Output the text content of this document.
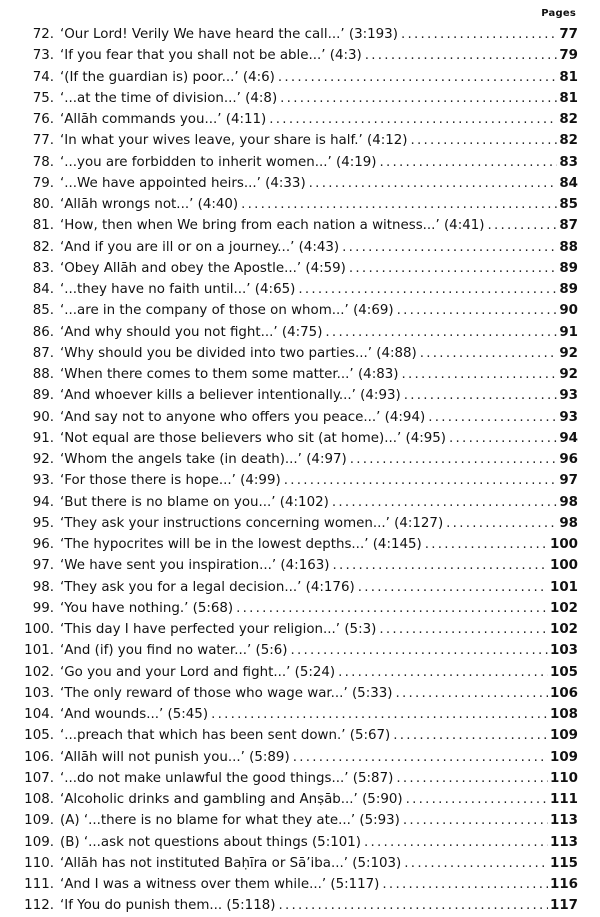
Pages
72. ‘Our Lord! Verily We have heard the call...’ (3:193) . . .	77
73. ‘If you fear that you shall not be able...’ (4:3) . . .	79
74. ‘(If the guardian is) poor...’ (4:6) . . .	81
75. ‘...at the time of division...’ (4:8) . . .	81
76. ‘Allāh commands you...’ (4:11) . . .	82
77. ‘In what your wives leave, your share is half.’ (4:12) . . .	82
78. ‘...you are forbidden to inherit women...’ (4:19) . . .	83
79. ‘...We have appointed heirs...’ (4:33) . . .	84
80. ‘Allāh wrongs not...’ (4:40) . . .	85
81. ‘How, then when We bring from each nation a witness...’ (4:41) . . .	87
82. ‘And if you are ill or on a journey...’ (4:43) . . .	88
83. ‘Obey Allāh and obey the Apostle...’ (4:59) . . .	89
84. ‘...they have no faith until...’ (4:65) . . .	89
85. ‘...are in the company of those on whom...’ (4:69) . . .	90
86. ‘And why should you not fight...’ (4:75) . . .	91
87. ‘Why should you be divided into two parties...’ (4:88) . . .	92
88. ‘When there comes to them some matter...’ (4:83) . . .	92
89. ‘And whoever kills a believer intentionally...’ (4:93) . . .	93
90. ‘And say not to anyone who offers you peace...’ (4:94) . . .	93
91. ‘Not equal are those believers who sit (at home)...’ (4:95) . . .	94
92. ‘Whom the angels take (in death)...’ (4:97) . . .	96
93. ‘For those there is hope...’ (4:99) . . .	97
94. ‘But there is no blame on you...’ (4:102) . . .	98
95. ‘They ask your instructions concerning women...’ (4:127) . . .	98
96. ‘The hypocrites will be in the lowest depths...’ (4:145) . . .	100
97. ‘We have sent you inspiration...’ (4:163) . . .	100
98. ‘They ask you for a legal decision...’ (4:176) . . .	101
99. ‘You have nothing.’ (5:68) . . .	102
100. ‘This day I have perfected your religion...’ (5:3) . . .	102
101. ‘And (if) you find no water...’ (5:6) . . .	103
102. ‘Go you and your Lord and fight...’ (5:24) . . .	105
103. ‘The only reward of those who wage war...’ (5:33) . . .	106
104. ‘And wounds...’ (5:45) . . .	108
105. ‘...preach that which has been sent down.’ (5:67) . . .	109
106. ‘Allāh will not punish you...’ (5:89) . . .	109
107. ‘...do not make unlawful the good things...’ (5:87) . . .	110
108. ‘Alcoholic drinks and gambling and Anṣāb...’ (5:90) . . .	111
109. (A) ‘...there is no blame for what they ate...’ (5:93) . . .	113
109. (B) ‘...ask not questions about things (5:101) . . .	113
110. ‘Allāh has not instituted Baḥīra or Sā’iba...’ (5:103) . . .	115
111. ‘And I was a witness over them while...’ (5:117) . . .	116
112. ‘If You do punish them... (5:118) . . .	117
